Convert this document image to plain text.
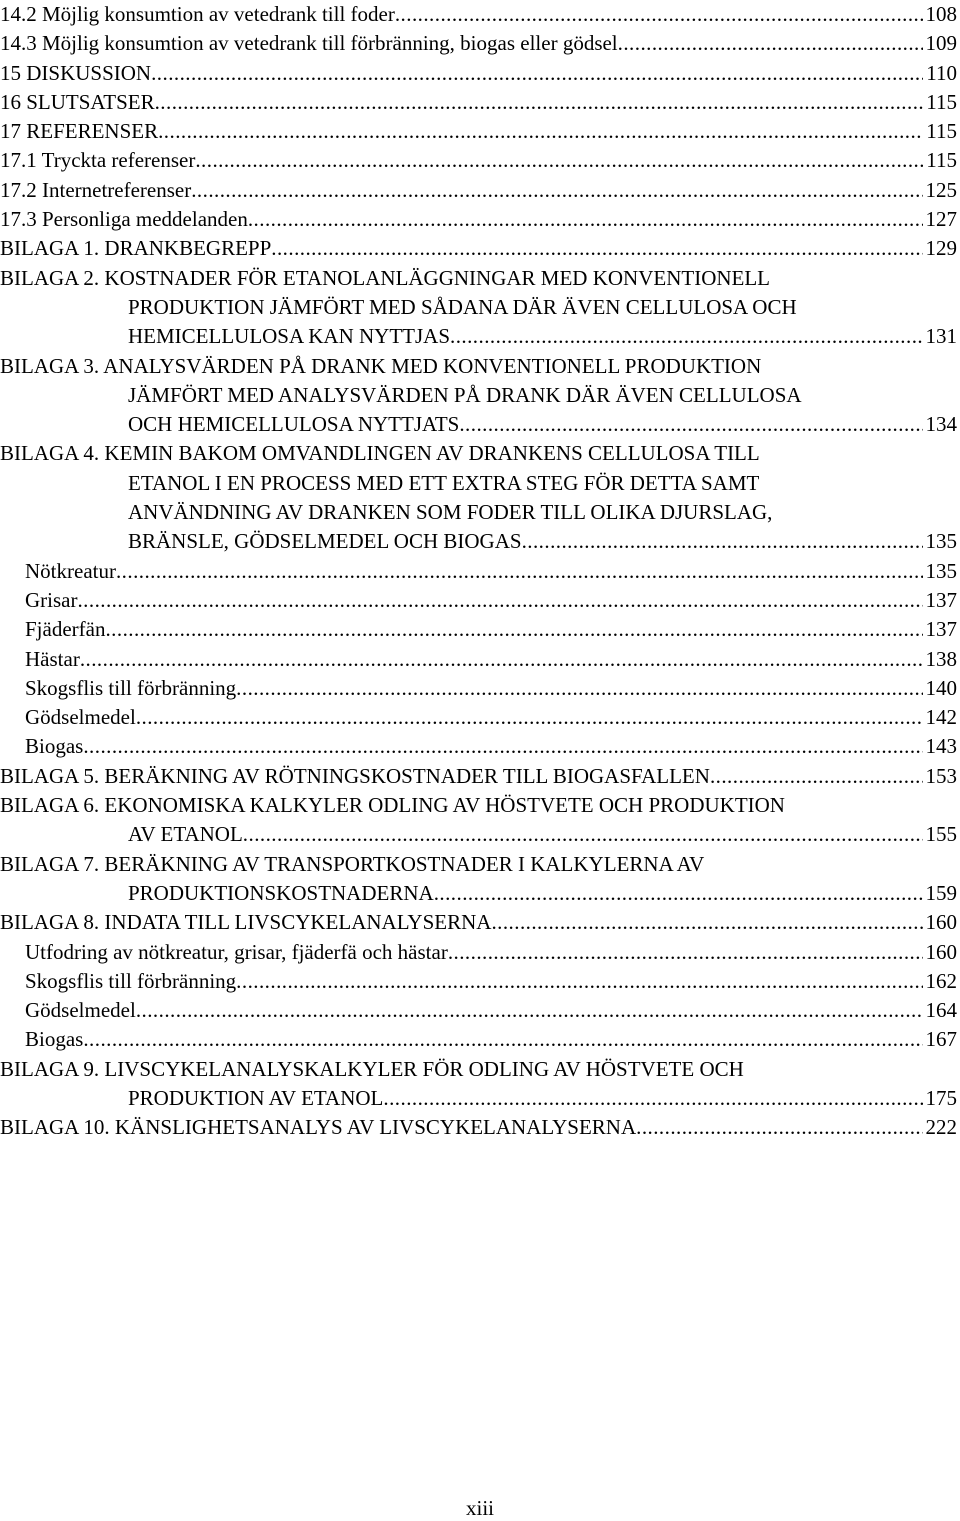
14.2 Möjlig konsumtion av vetedrank till foder . . .	108
14.3 Möjlig konsumtion av vetedrank till förbränning, biogas eller gödsel . . .	109
15 DISKUSSION . . .	110
16 SLUTSATSER . . .	115
17 REFERENSER . . .	115
17.1 Tryckta referenser . . .	115
17.2 Internetreferenser . . .	125
17.3 Personliga meddelanden . . .	127
BILAGA 1. DRANKBEGREPP . . .	129
BILAGA 2. KOSTNADER FÖR ETANOLANLÄGGNINGAR MED KONVENTIONELL
PRODUKTION JÄMFÖRT MED SÅDANA DÄR ÄVEN CELLULOSA OCH
HEMICELLULOSA KAN NYTTJAS . . .	131
BILAGA 3. ANALYSVÄRDEN PÅ DRANK MED KONVENTIONELL PRODUKTION
JÄMFÖRT MED ANALYSVÄRDEN PÅ DRANK DÄR ÄVEN CELLULOSA
OCH HEMICELLULOSA NYTTJATS . . .	134
BILAGA 4. KEMIN BAKOM OMVANDLINGEN AV DRANKENS CELLULOSA TILL
ETANOL I EN PROCESS MED ETT EXTRA STEG FÖR DETTA SAMT
ANVÄNDNING AV DRANKEN SOM FODER TILL OLIKA DJURSLAG,
BRÄNSLE, GÖDSELMEDEL OCH BIOGAS . . .	135
Nötkreatur . . .	135
Grisar . . .	137
Fjäderfän . . .	137
Hästar . . .	138
Skogsflis till förbränning . . .	140
Gödselmedel . . .	142
Biogas . . .	143
BILAGA 5. BERÄKNING AV RÖTNINGSKOSTNADER TILL BIOGASFALLEN . . .	153
BILAGA 6. EKONOMISKA KALKYLER ODLING AV HÖSTVETE OCH PRODUKTION
AV ETANOL . . .	155
BILAGA 7. BERÄKNING AV TRANSPORTKOSTNADER I KALKYLERNA AV
PRODUKTIONSKOSTNADERNA . . .	159
BILAGA 8. INDATA TILL LIVSCYKELANALYSERNA . . .	160
Utfodring av nötkreatur, grisar, fjäderfä och hästar . . .	160
Skogsflis till förbränning . . .	162
Gödselmedel . . .	164
Biogas . . .	167
BILAGA 9. LIVSCYKELANALYSKALKYLER FÖR ODLING AV HÖSTVETE OCH
PRODUKTION AV ETANOL . . .	175
BILAGA 10. KÄNSLIGHETSANALYS AV LIVSCYKELANALYSERNA . . .	222
xiii
